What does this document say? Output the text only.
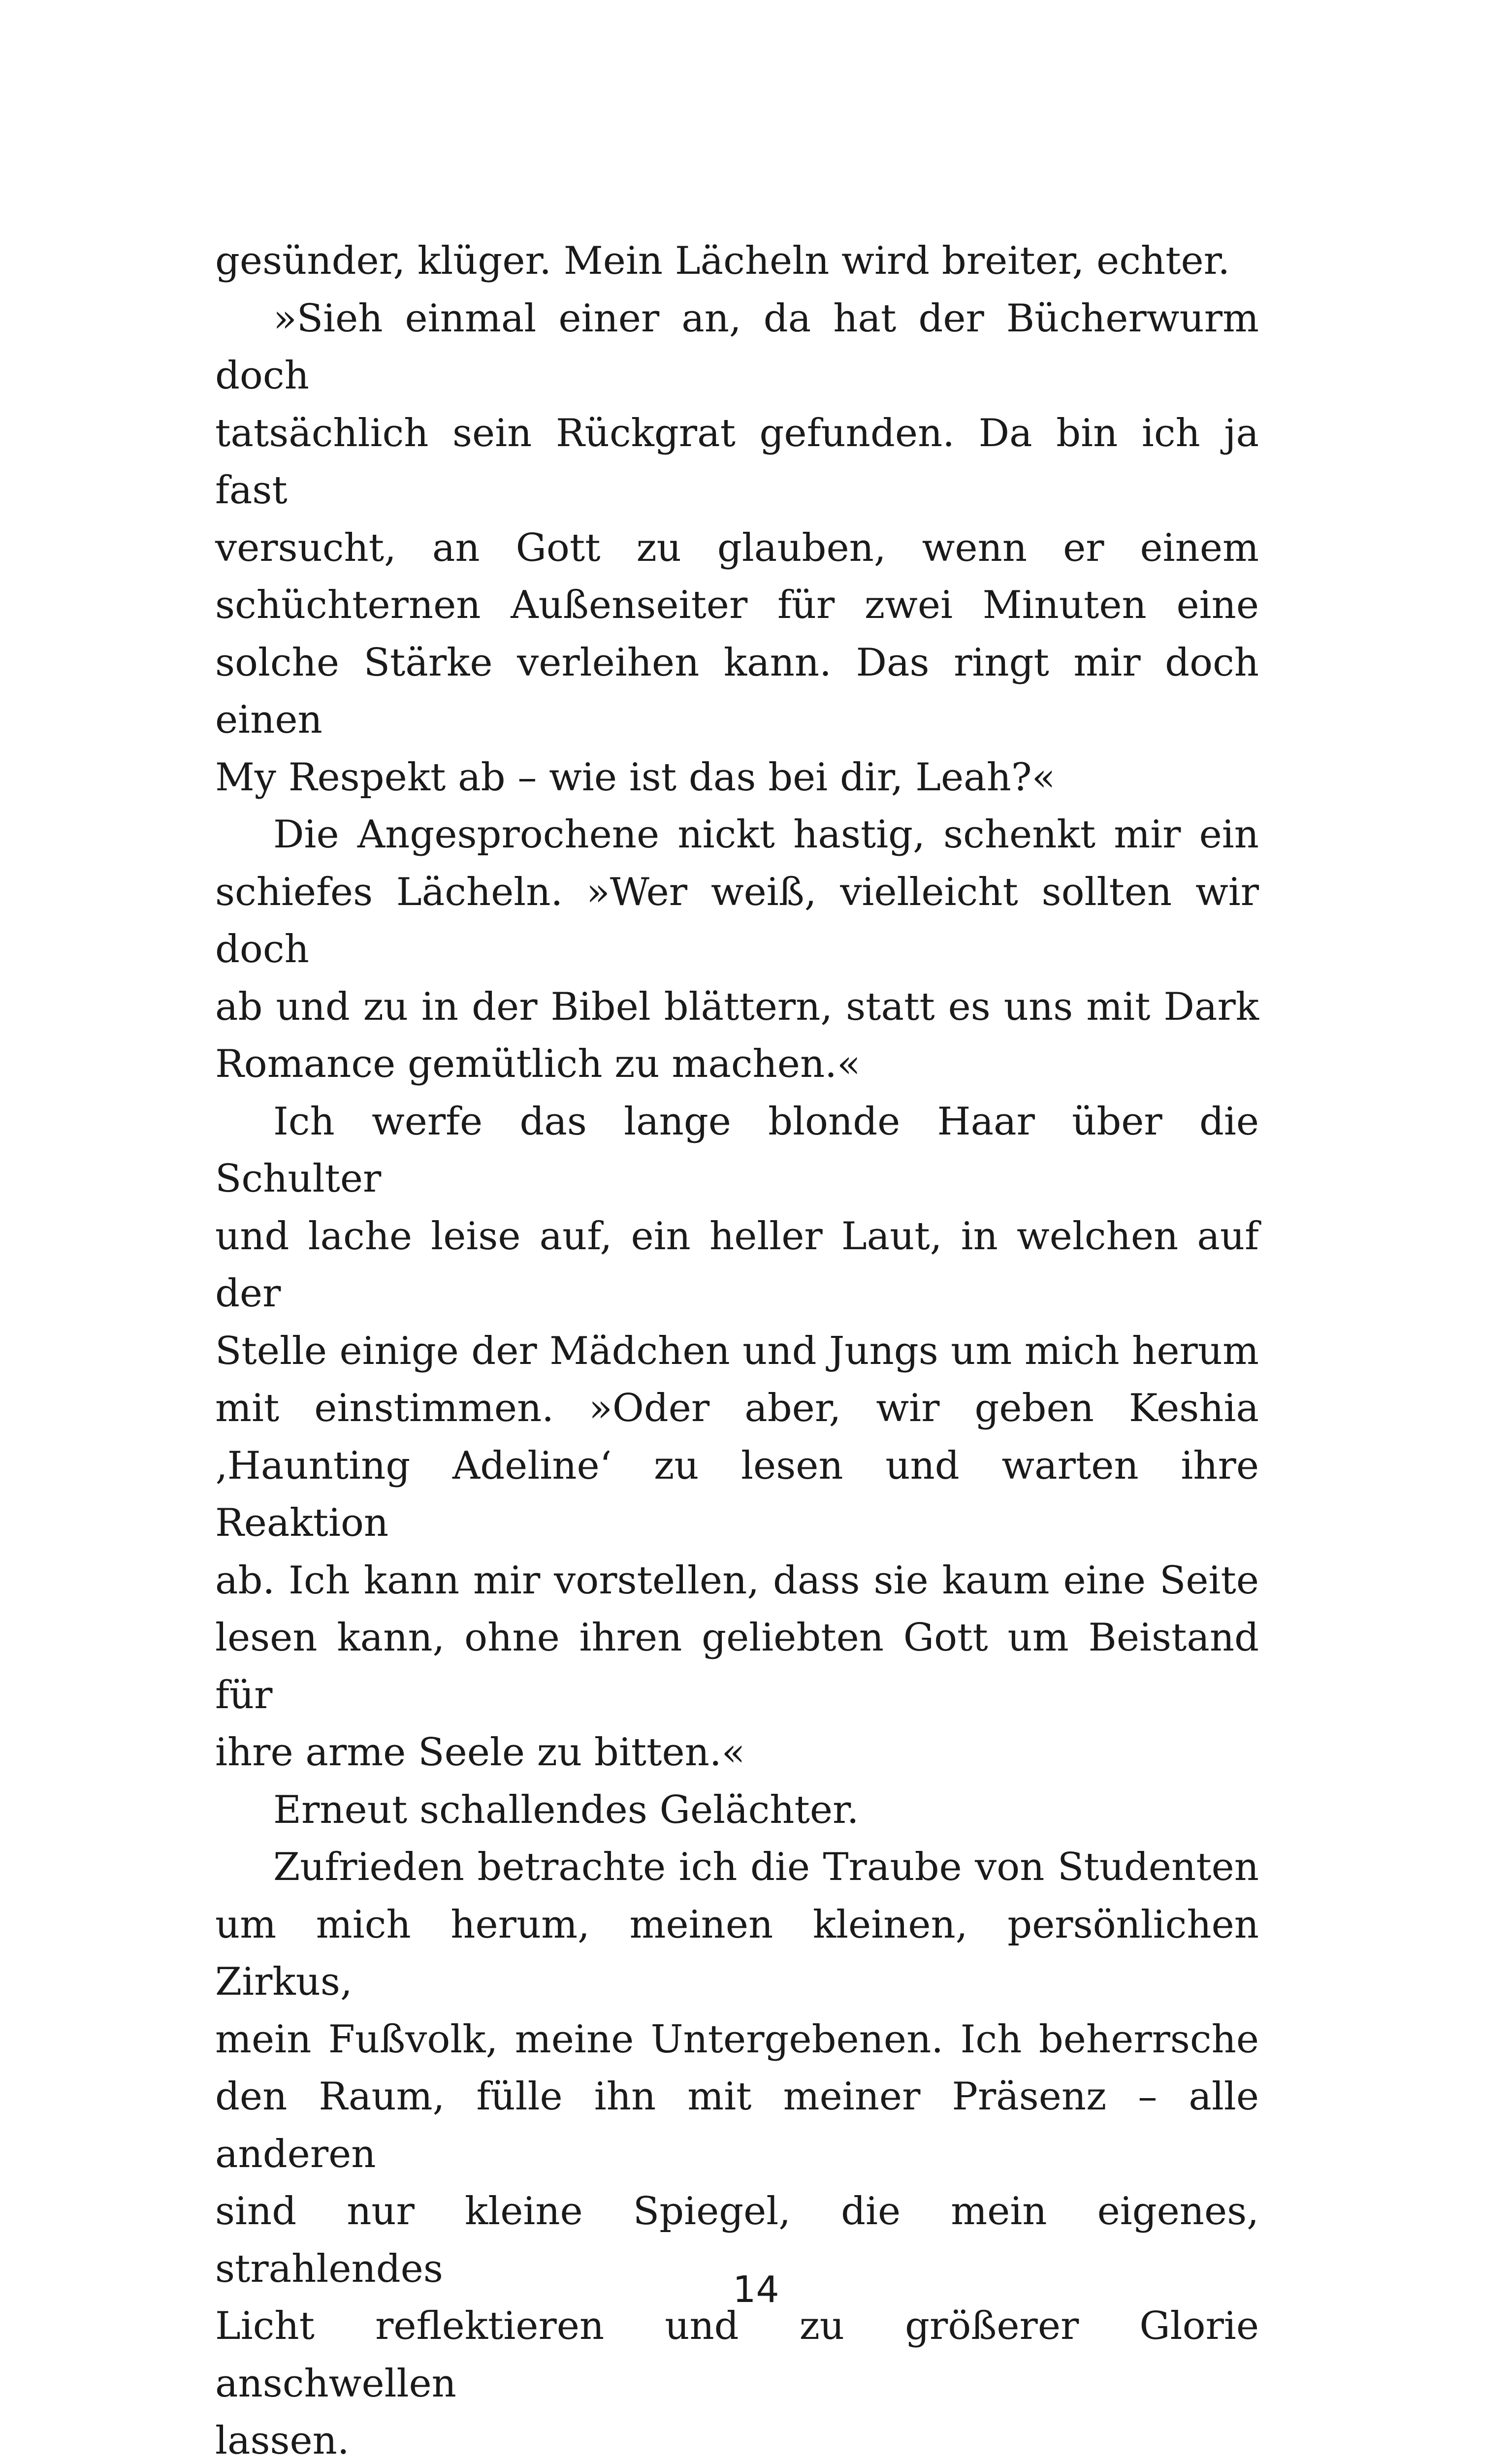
gesünder, klüger. Mein Lächeln wird breiter, echter.
»Sieh einmal einer an, da hat der Bücherwurm doch
tatsächlich sein Rückgrat gefunden. Da bin ich ja fast
versucht, an Gott zu glauben, wenn er einem
schüchternen Außenseiter für zwei Minuten eine
solche Stärke verleihen kann. Das ringt mir doch einen
My Respekt ab – wie ist das bei dir, Leah?«
Die Angesprochene nickt hastig, schenkt mir ein
schiefes Lächeln. »Wer weiß, vielleicht sollten wir doch
ab und zu in der Bibel blättern, statt es uns mit Dark
Romance gemütlich zu machen.«
Ich werfe das lange blonde Haar über die Schulter
und lache leise auf, ein heller Laut, in welchen auf der
Stelle einige der Mädchen und Jungs um mich herum
mit einstimmen. »Oder aber, wir geben Keshia
‚Haunting Adeline‘ zu lesen und warten ihre Reaktion
ab. Ich kann mir vorstellen, dass sie kaum eine Seite
lesen kann, ohne ihren geliebten Gott um Beistand für
ihre arme Seele zu bitten.«
Erneut schallendes Gelächter.
Zufrieden betrachte ich die Traube von Studenten
um mich herum, meinen kleinen, persönlichen Zirkus,
mein Fußvolk, meine Untergebenen. Ich beherrsche
den Raum, fülle ihn mit meiner Präsenz – alle anderen
sind nur kleine Spiegel, die mein eigenes, strahlendes
Licht reflektieren und zu größerer Glorie anschwellen
lassen.
14
